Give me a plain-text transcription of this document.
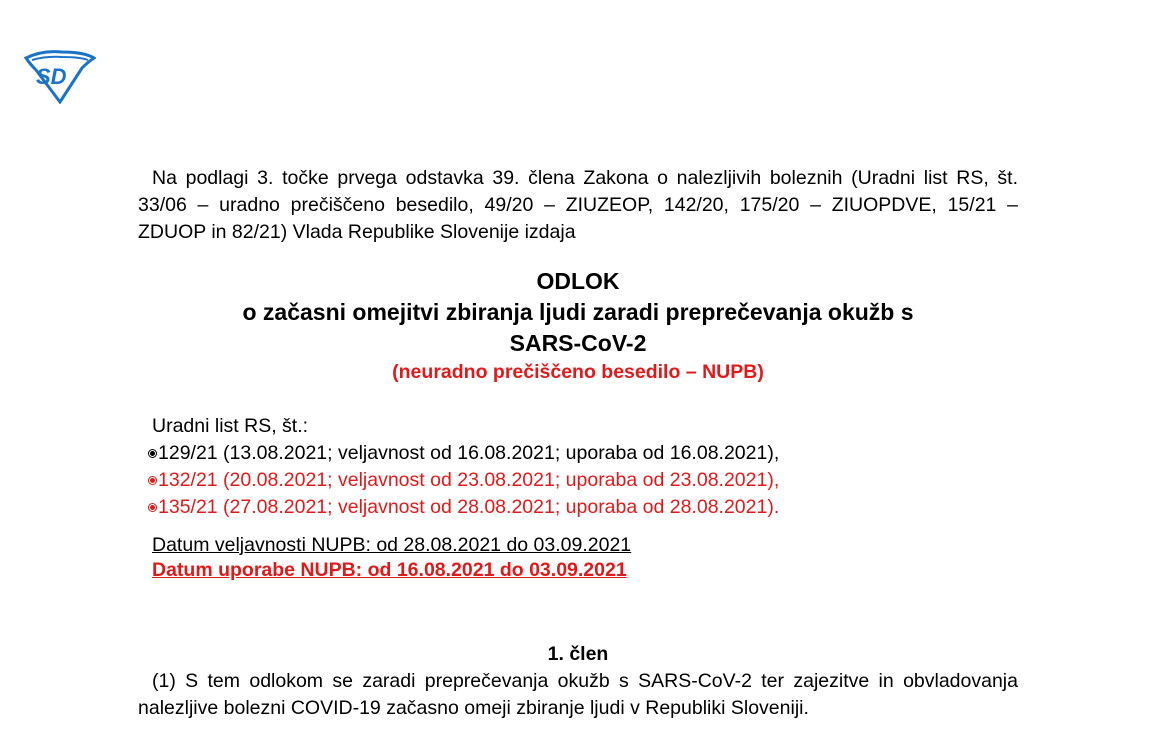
SD

Na podlagi 3. točke prvega odstavka 39. člena Zakona o nalezljivih boleznih (Uradni list RS, št. 33/06 – uradno prečiščeno besedilo, 49/20 – ZIUZEOP, 142/20, 175/20 – ZIUOPDVE, 15/21 – ZDUOP in 82/21) Vlada Republike Slovenije izdaja

ODLOK
o začasni omejitvi zbiranja ljudi zaradi preprečevanja okužb s
SARS-CoV-2
(neuradno prečiščeno besedilo – NUPB)
Uradni list RS, št.:
129/21 (13.08.2021; veljavnost od 16.08.2021; uporaba od 16.08.2021),
132/21 (20.08.2021; veljavnost od 23.08.2021; uporaba od 23.08.2021),
135/21 (27.08.2021; veljavnost od 28.08.2021; uporaba od 28.08.2021).
Datum veljavnosti NUPB: od 28.08.2021 do 03.09.2021
Datum uporabe NUPB: od 16.08.2021 do 03.09.2021
1. člen

(1) S tem odlokom se zaradi preprečevanja okužb s SARS-CoV-2 ter zajezitve in obvladovanja nalezljive bolezni COVID-19 začasno omeji zbiranje ljudi v Republiki Sloveniji.
